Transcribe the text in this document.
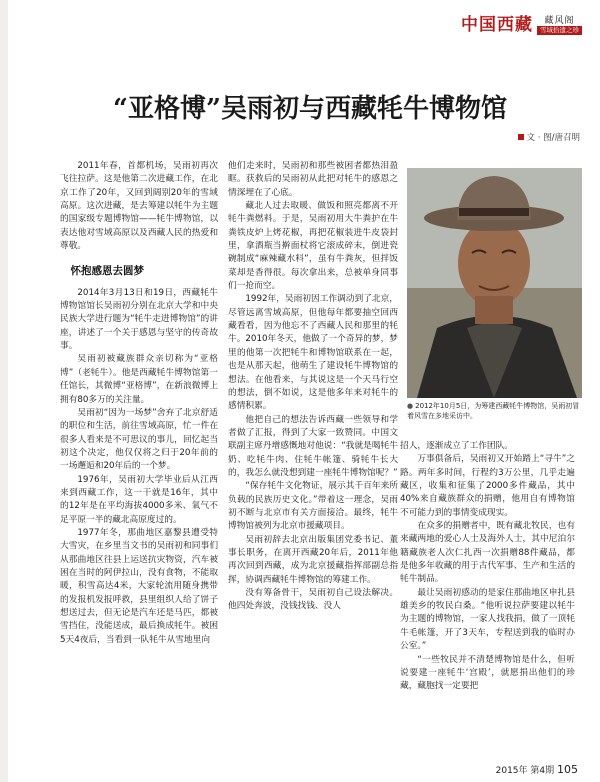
中国西藏 藏风阁
雪域拾遗之珍
“亚格博”吴雨初与西藏牦牛博物馆
文 · 图/唐召明

2011年春，首都机场，吴雨初再次飞往拉萨。这是他第二次进藏工作，在北京工作了20年，又回到阔别20年的雪域高原。这次进藏，是去筹建以牦牛为主题的国家级专题博物馆——牦牛博物馆，以表达他对雪域高原以及西藏人民的热爱和尊敬。

怀抱感恩去圆梦

2014年3月13日和19日，西藏牦牛博物馆馆长吴雨初分别在北京大学和中央民族大学进行题为“牦牛走进博物馆”的讲座，讲述了一个关于感恩与坚守的传奇故事。

吴雨初被藏族群众亲切称为“亚格博”（老牦牛）。他是西藏牦牛博物馆第一任馆长，其微博“亚格博”，在新浪微博上拥有80多万的关注量。

吴雨初“因为一场梦”舍弃了北京舒适的职位和生活，前往雪域高原，忙一件在很多人看来是不可思议的事儿，回忆起当初这个决定，他仅仅将之归于20年前的一场邂逅和20年后的一个梦。

1976年，吴雨初大学毕业后从江西来到西藏工作，这一干就是16年，其中的12年是在平均海拔4000多米、氧气不足平原一半的藏北高原度过的。

1977年冬，那曲地区嘉黎县遭受特大雪灾，在乡里当文书的吴雨初和同事们从那曲地区往县上运送抗灾物资，汽车被困在当时的阿伊拉山，没有食物，不能取暖，积雪高达4米，大家轮流用随身携带的发报机发报呼救，县里组织人给了饼子想送过去，但无论是汽车还是马匹，都被雪挡住，没能送成，最后换成牦牛。被困5天4夜后，当看到一队牦牛从雪地里向

他们走来时，吴雨初和那些被困者都热泪盈眶。获救后的吴雨初从此把对牦牛的感恩之情深埋在了心底。

藏北人过去取暖、做饭和照亮都离不开牦牛粪燃料。于是，吴雨初用大牛粪护在牛粪铁皮炉上烤花椒，再把花椒装进牛皮袋封里，拿酒瓶当擀面杖将它滚成碎末，倒进瓷碗制成“麻辣藏水料”，虽有牛粪灰，但拌饭菜却是香得很。每次拿出来，总被单身同事们一抢而空。

1992年，吴雨初因工作调动到了北京，尽管远离雪域高原，但他每年都要抽空回西藏看看，因为他忘不了西藏人民和那里的牦牛。2010年冬天，他做了一个奇异的梦，梦里的他第一次把牦牛和博物馆联系在一起，也是从那天起，他萌生了建设牦牛博物馆的想法。在他看来，与其说这是一个天马行空的想法，倒不如说，这是他多年来对牦牛的感情积累。

他把自己的想法告诉西藏一些领导和学者做了汇报，得到了大家一致赞同。中国文联副主席丹增感慨地对他说：“我就是喝牦牛奶、吃牦牛肉、住牦牛帐篷、骑牦牛长大的，我怎么就没想到建一座牦牛博物馆呢？”

“保存牦牛文化物证，展示其千百年来所负载的民族历史文化。”带着这一理念，吴雨初不断与北京市有关方面接洽。最终，牦牛博物馆被列为北京市援藏项目。

吴雨初辞去北京出版集团党委书记、董事长职务，在离开西藏20年后，2011年他再次回到西藏，成为北京援藏指挥部副总指挥，协调西藏牦牛博物馆的筹建工作。

没有筹备骨干，吴雨初自己设法解决。他四处奔波，没钱找钱、没人

● 2012年10月5日，为筹建西藏牦牛博物馆，吴雨初冒着风雪在多地采访中。

招人，逐渐成立了工作团队。

万事俱备后，吴雨初又开始踏上“寻牛”之路。两年多时间，行程约3万公里，几乎走遍藏区，收集和征集了2000多件藏品，其中40%来自藏族群众的捐赠，他用自有博物馆不可能力到的事情变成现实。

在众多的捐赠者中，既有藏北牧民，也有来藏两地的爱心人士及海外人士，其中尼泊尔籍藏族老人次仁扎西一次捐赠88件藏品，都是他多年收藏的用于古代军事、生产和生活的牦牛制品。

最让吴雨初感动的是家住那曲地区申扎县雄美乡的牧民白桑。“他听说拉萨要建以牦牛为主题的博物馆，一家人找我捐，做了一顶牦牛毛帐篷，开了3天车，专程送到我的临时办公室。”

“一些牧民并不清楚博物馆是什么，但听说要建一座牦牛‘宫殿’，就愿捐出他们的珍藏，藏胞找一定要把

2015年 第4期 105
